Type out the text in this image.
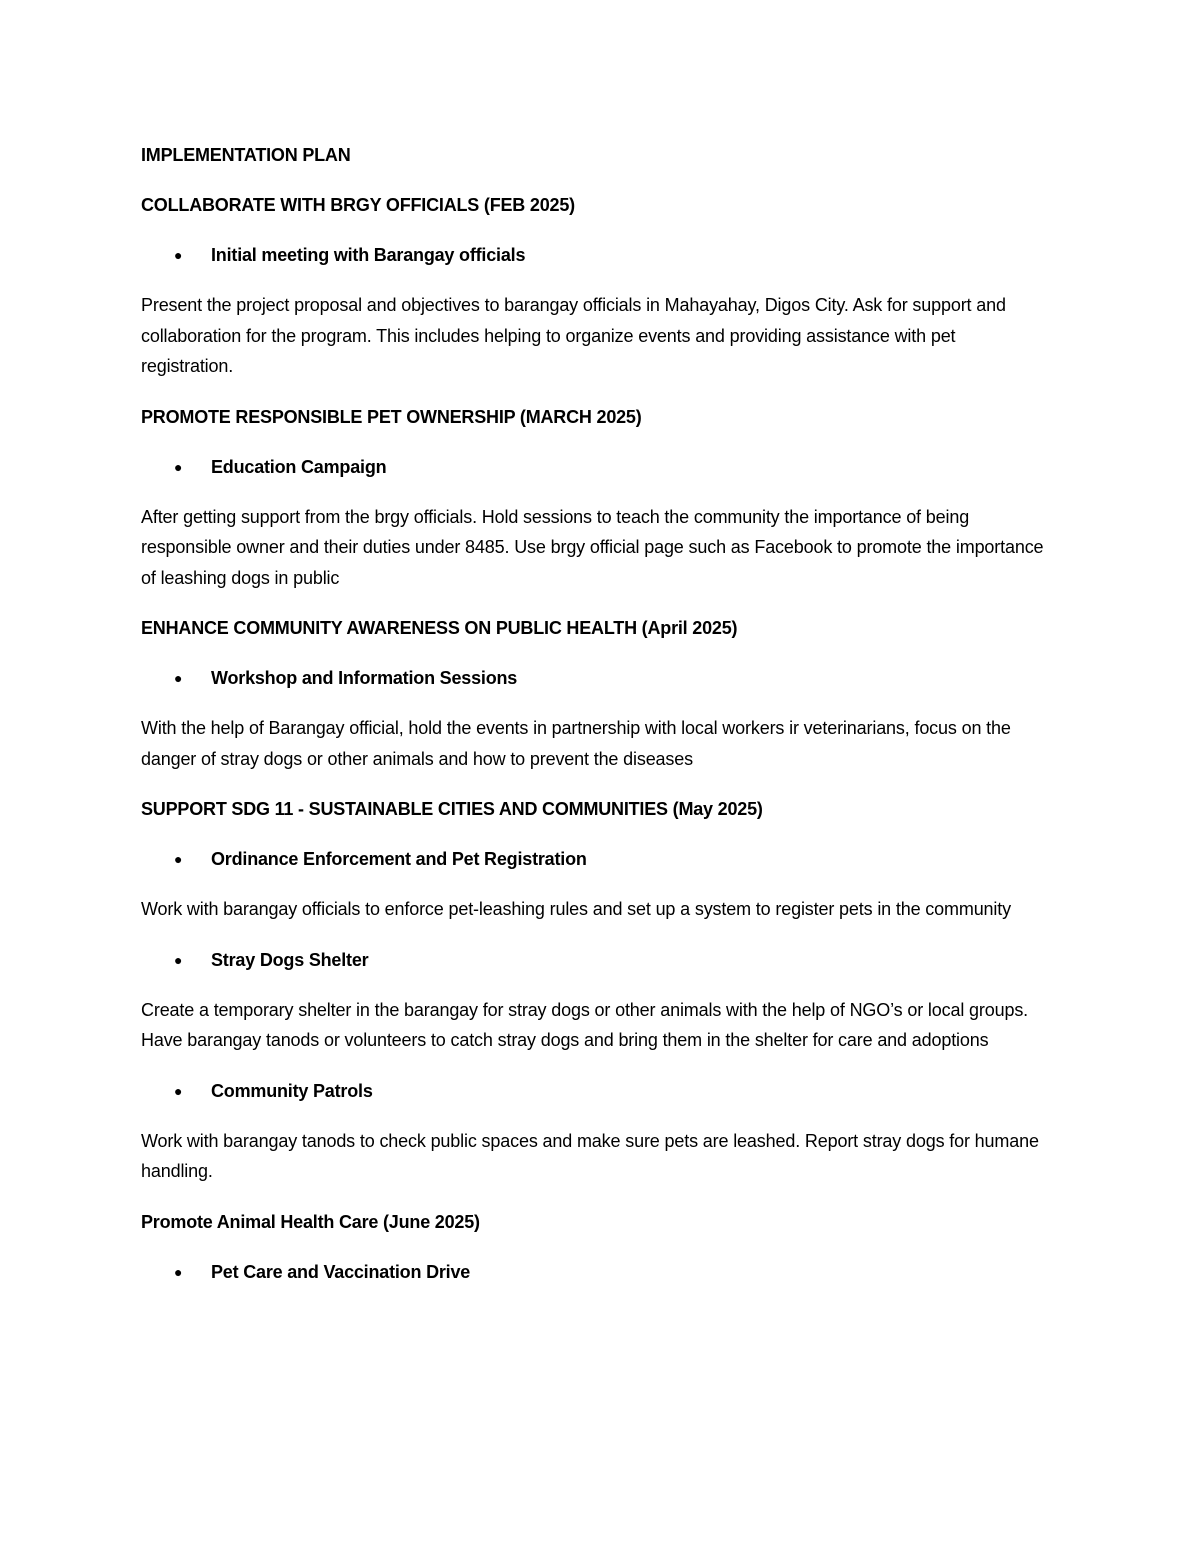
IMPLEMENTATION PLAN
COLLABORATE WITH BRGY OFFICIALS (FEB 2025)
●	Initial meeting with Barangay officials
Present the project proposal and objectives to barangay officials in Mahayahay, Digos City. Ask for support and collaboration for the program. This includes helping to organize events and providing assistance with pet registration.
PROMOTE RESPONSIBLE PET OWNERSHIP (MARCH 2025)
●	Education Campaign
After getting support from the brgy officials. Hold sessions to teach the community the importance of being responsible owner and their duties under 8485. Use brgy official page such as Facebook to promote the importance of leashing dogs in public
ENHANCE COMMUNITY AWARENESS ON PUBLIC HEALTH (April 2025)
●	Workshop and Information Sessions
With the help of Barangay official, hold the events in partnership with local workers ir veterinarians, focus on the danger of stray dogs or other animals and how to prevent the diseases
SUPPORT SDG 11 - SUSTAINABLE CITIES AND COMMUNITIES (May 2025)
●	Ordinance Enforcement and Pet Registration
Work with barangay officials to enforce pet-leashing rules and set up a system to register pets in the community
●	Stray Dogs Shelter
Create a temporary shelter in the barangay for stray dogs or other animals with the help of NGO’s or local groups. Have barangay tanods or volunteers to catch stray dogs and bring them in the shelter for care and adoptions
●	Community Patrols
Work with barangay tanods to check public spaces and make sure pets are leashed. Report stray dogs for humane handling.
Promote Animal Health Care (June 2025)
●	Pet Care and Vaccination Drive
